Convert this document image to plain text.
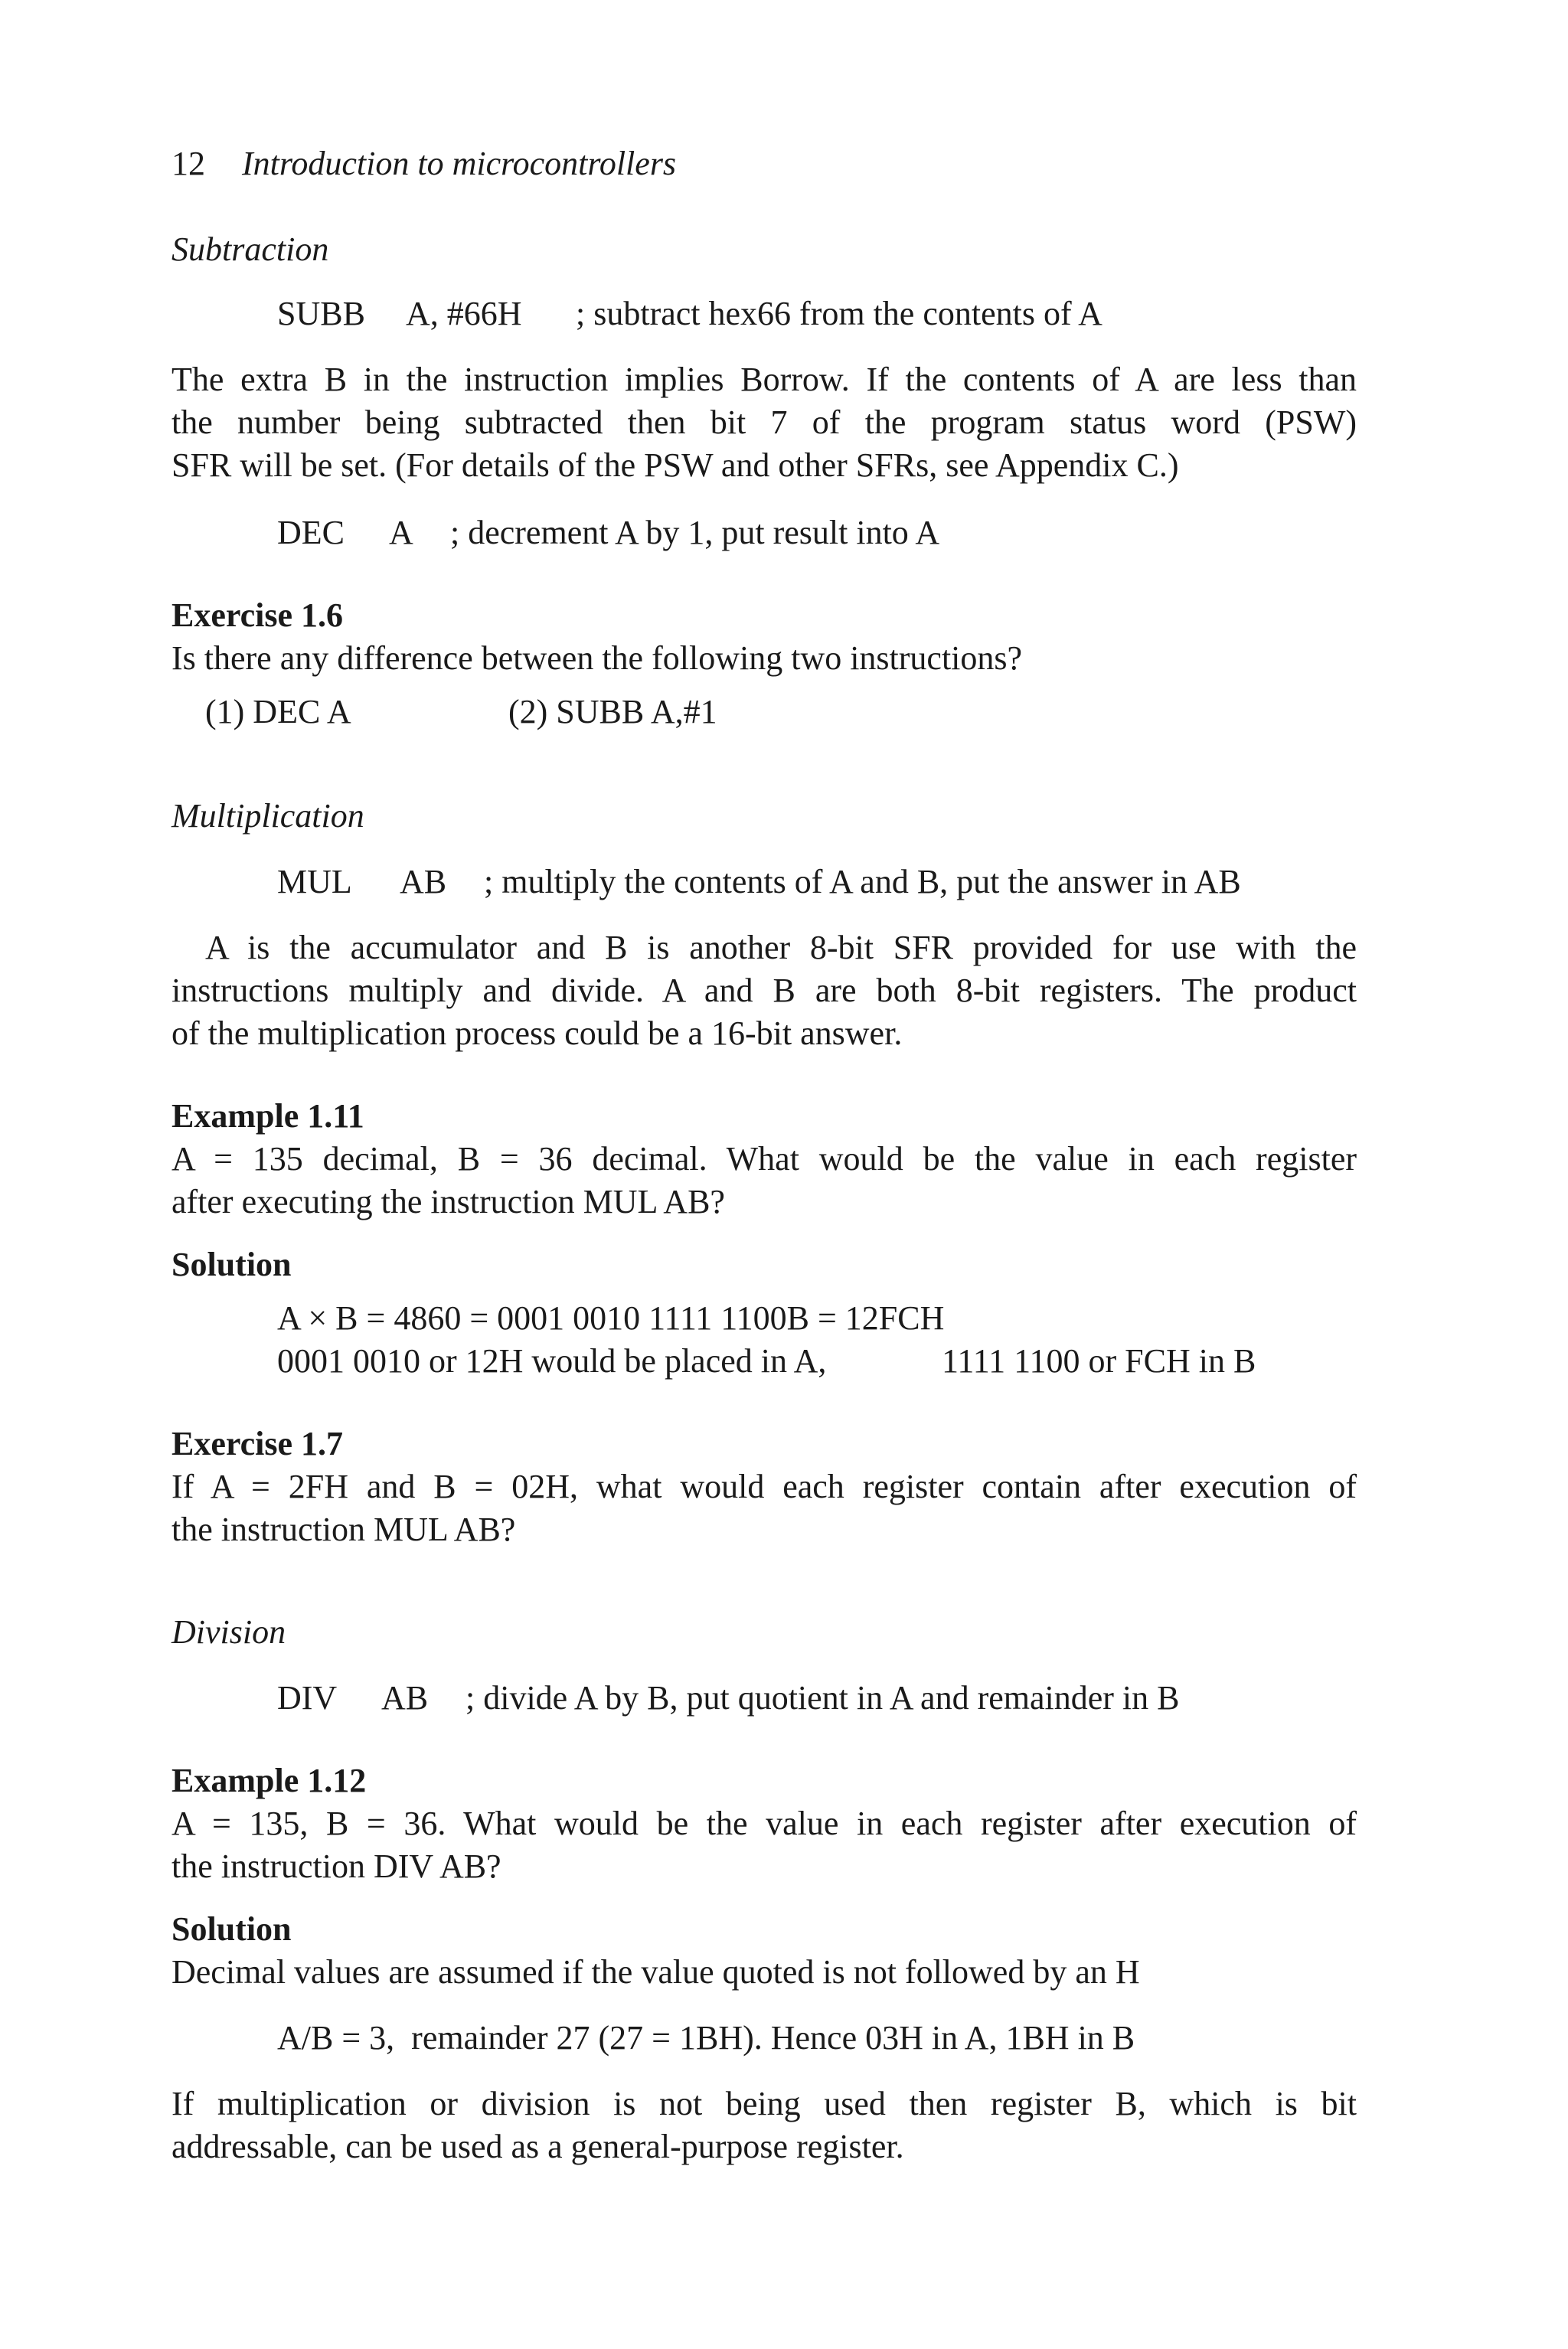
12 Introduction to microcontrollers
Subtraction
SUBB A, #66H ; subtract hex66 from the contents of A
The extra B in the instruction implies Borrow. If the contents of A are less than
the number being subtracted then bit 7 of the program status word (PSW)
SFR will be set. (For details of the PSW and other SFRs, see Appendix C.)
DEC A ; decrement A by 1, put result into A
Exercise 1.6
Is there any difference between the following two instructions?
(1) DEC A	(2) SUBB A,#1
Multiplication
MUL AB ; multiply the contents of A and B, put the answer in AB
A is the accumulator and B is another 8-bit SFR provided for use with the
instructions multiply and divide. A and B are both 8-bit registers. The product
of the multiplication process could be a 16-bit answer.
Example 1.11
A = 135 decimal, B = 36 decimal. What would be the value in each register
after executing the instruction MUL AB?
Solution
A × B = 4860 = 0001 0010 1111 1100B = 12FCH
0001 0010 or 12H would be placed in A,	1111 1100 or FCH in B
Exercise 1.7
If A = 2FH and B = 02H, what would each register contain after execution of
the instruction MUL AB?
Division
DIV AB ; divide A by B, put quotient in A and remainder in B
Example 1.12
A = 135, B = 36. What would be the value in each register after execution of
the instruction DIV AB?
Solution
Decimal values are assumed if the value quoted is not followed by an H
A/B = 3,  remainder 27 (27 = 1BH). Hence 03H in A, 1BH in B
If multiplication or division is not being used then register B, which is bit
addressable, can be used as a general-purpose register.
